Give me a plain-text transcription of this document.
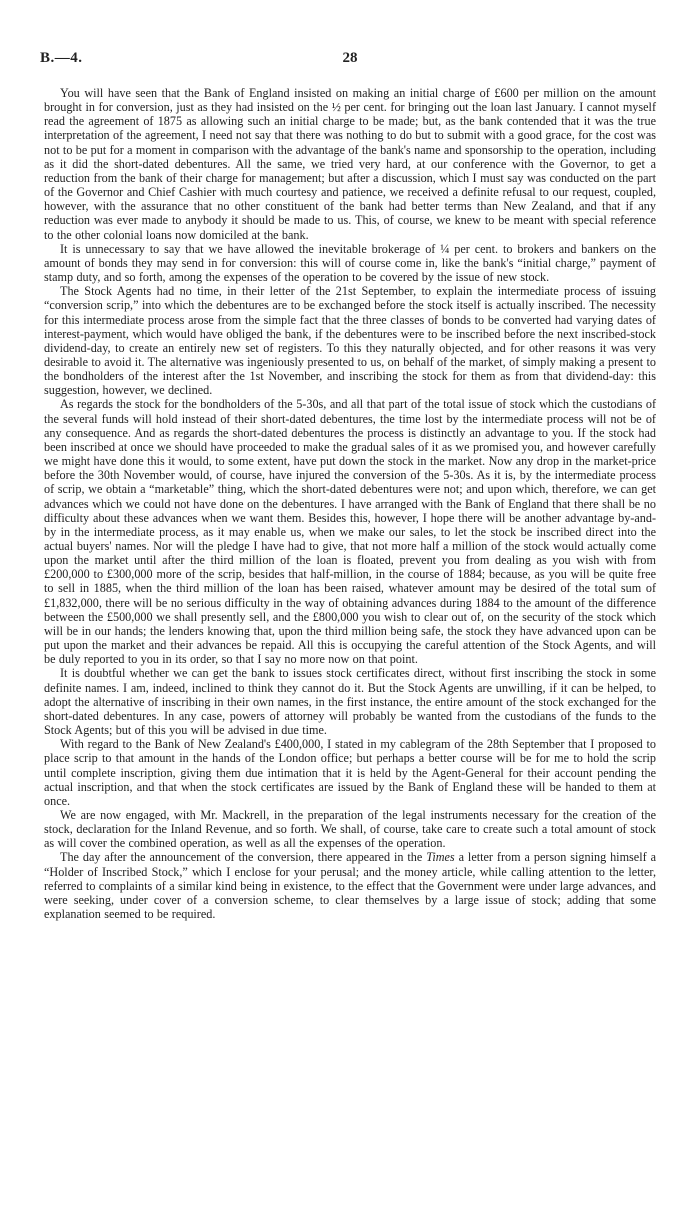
B.—4.	28

You will have seen that the Bank of England insisted on making an initial charge of £600 per million on the amount brought in for conversion, just as they had insisted on the ½ per cent. for bringing out the loan last January. I cannot myself read the agreement of 1875 as allowing such an initial charge to be made; but, as the bank contended that it was the true interpretation of the agreement, I need not say that there was nothing to do but to submit with a good grace, for the cost was not to be put for a moment in comparison with the advantage of the bank's name and sponsorship to the operation, including as it did the short-dated debentures. All the same, we tried very hard, at our conference with the Governor, to get a reduction from the bank of their charge for management; but after a discussion, which I must say was conducted on the part of the Governor and Chief Cashier with much courtesy and patience, we received a definite refusal to our request, coupled, however, with the assurance that no other constituent of the bank had better terms than New Zealand, and that if any reduction was ever made to anybody it should be made to us. This, of course, we knew to be meant with special reference to the other colonial loans now domiciled at the bank.

It is unnecessary to say that we have allowed the inevitable brokerage of ¼ per cent. to brokers and bankers on the amount of bonds they may send in for conversion: this will of course come in, like the bank's “initial charge,” payment of stamp duty, and so forth, among the expenses of the operation to be covered by the issue of new stock.

The Stock Agents had no time, in their letter of the 21st September, to explain the intermediate process of issuing “conversion scrip,” into which the debentures are to be exchanged before the stock itself is actually inscribed. The necessity for this intermediate process arose from the simple fact that the three classes of bonds to be converted had varying dates of interest-payment, which would have obliged the bank, if the debentures were to be inscribed before the next inscribed-stock dividend-day, to create an entirely new set of registers. To this they naturally objected, and for other reasons it was very desirable to avoid it. The alternative was ingeniously presented to us, on behalf of the market, of simply making a present to the bondholders of the interest after the 1st November, and inscribing the stock for them as from that dividend-day: this suggestion, however, we declined.

As regards the stock for the bondholders of the 5-30s, and all that part of the total issue of stock which the custodians of the several funds will hold instead of their short-dated debentures, the time lost by the intermediate process will not be of any consequence. And as regards the short-dated debentures the process is distinctly an advantage to you. If the stock had been inscribed at once we should have proceeded to make the gradual sales of it as we promised you, and however carefully we might have done this it would, to some extent, have put down the stock in the market. Now any drop in the market-price before the 30th November would, of course, have injured the conversion of the 5-30s. As it is, by the intermediate process of scrip, we obtain a “marketable” thing, which the short-dated debentures were not; and upon which, therefore, we can get advances which we could not have done on the debentures. I have arranged with the Bank of England that there shall be no difficulty about these advances when we want them. Besides this, however, I hope there will be another advantage by-and-by in the intermediate process, as it may enable us, when we make our sales, to let the stock be inscribed direct into the actual buyers' names. Nor will the pledge I have had to give, that not more half a million of the stock would actually come upon the market until after the third million of the loan is floated, prevent you from dealing as you wish with from £200,000 to £300,000 more of the scrip, besides that half-million, in the course of 1884; because, as you will be quite free to sell in 1885, when the third million of the loan has been raised, whatever amount may be desired of the total sum of £1,832,000, there will be no serious difficulty in the way of obtaining advances during 1884 to the amount of the difference between the £500,000 we shall presently sell, and the £800,000 you wish to clear out of, on the security of the stock which will be in our hands; the lenders knowing that, upon the third million being safe, the stock they have advanced upon can be put upon the market and their advances be repaid. All this is occupying the careful attention of the Stock Agents, and will be duly reported to you in its order, so that I say no more now on that point.

It is doubtful whether we can get the bank to issues stock certificates direct, without first inscribing the stock in some definite names. I am, indeed, inclined to think they cannot do it. But the Stock Agents are unwilling, if it can be helped, to adopt the alternative of inscribing in their own names, in the first instance, the entire amount of the stock exchanged for the short-dated debentures. In any case, powers of attorney will probably be wanted from the custodians of the funds to the Stock Agents; but of this you will be advised in due time.

With regard to the Bank of New Zealand's £400,000, I stated in my cablegram of the 28th September that I proposed to place scrip to that amount in the hands of the London office; but perhaps a better course will be for me to hold the scrip until complete inscription, giving them due intimation that it is held by the Agent-General for their account pending the actual inscription, and that when the stock certificates are issued by the Bank of England these will be handed to them at once.

We are now engaged, with Mr. Mackrell, in the preparation of the legal instruments necessary for the creation of the stock, declaration for the Inland Revenue, and so forth. We shall, of course, take care to create such a total amount of stock as will cover the combined operation, as well as all the expenses of the operation.

The day after the announcement of the conversion, there appeared in the Times a letter from a person signing himself a “Holder of Inscribed Stock,” which I enclose for your perusal; and the money article, while calling attention to the letter, referred to complaints of a similar kind being in existence, to the effect that the Government were under large advances, and were seeking, under cover of a conversion scheme, to clear themselves by a large issue of stock; adding that some explanation seemed to be required.
